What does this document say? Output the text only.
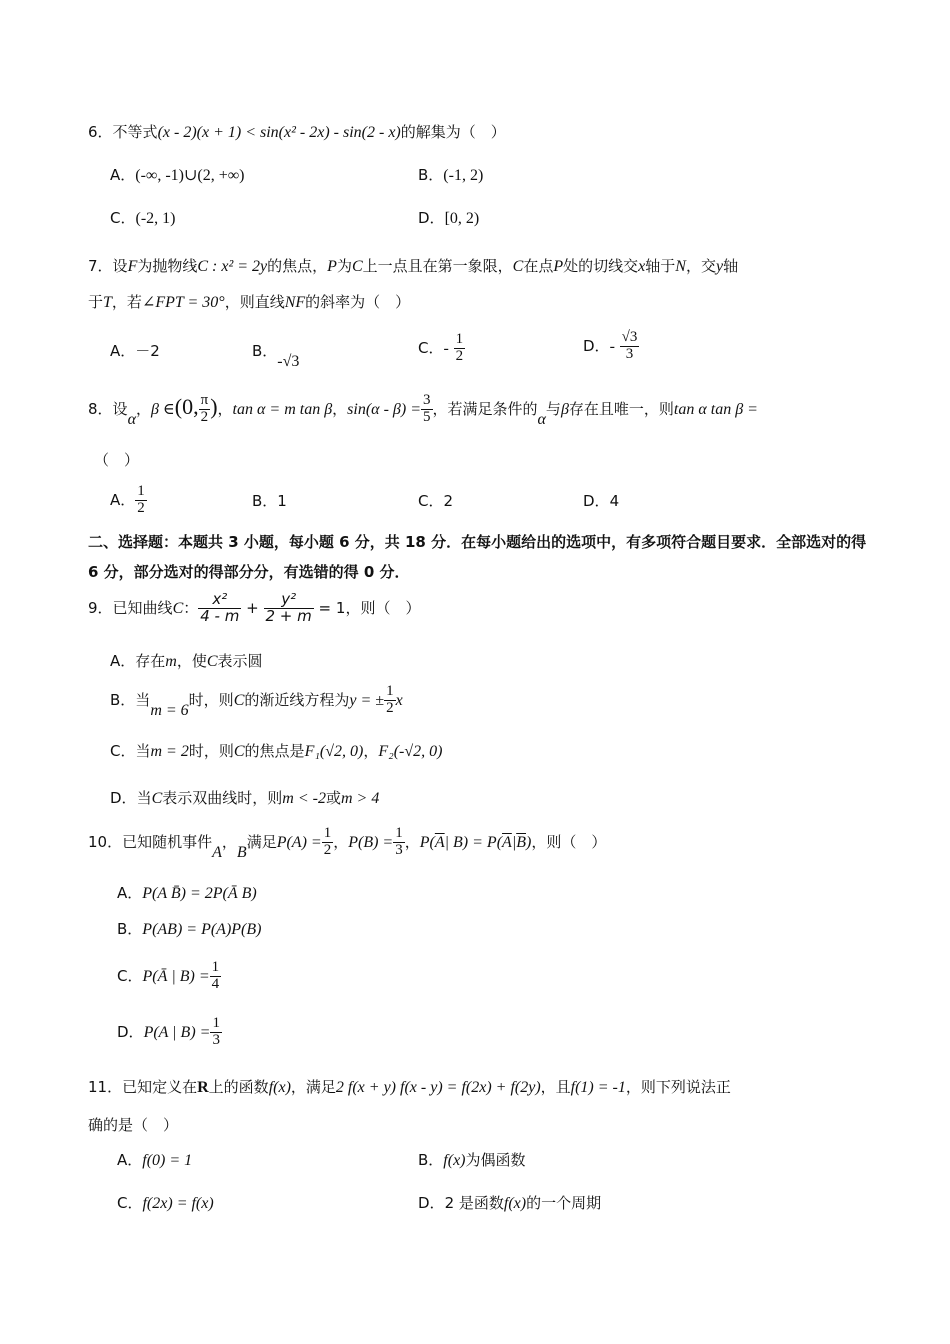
6．不等式(x - 2)(x + 1) < sin(x² - 2x) - sin(2 - x)的解集为（　）
A．(-∞, -1)∪(2, +∞)	B．(-1, 2)
C．(-2, 1)	D．[0, 2)
7．设F为抛物线C : x² = 2y的焦点，P为C上一点且在第一象限，C在点P处的切线交x轴于N，交y轴
于T，若∠FPT = 30°，则直线NF的斜率为（　）
A．－2	B．-√3
C．- $\frac{1}{2}$	D．- $\frac{√3}{3}$
8．设α，β ∈(0, $\frac{\pi}{2}$ )，tan α = m tan β，$\sin(\alpha - \beta) = \frac{3}{5}$ ，若满足条件的α与β存在且唯一，则tan α tan β =
（　）
A． $\frac{1}{2}$	B．1	C．2	D．4
二、选择题：本题共 3 小题，每小题 6 分，共 18 分．在每小题给出的选项中，有多项符合题目要求．全部选对的得 6 分，部分选对的得部分分，有选错的得 0 分．
9．已知曲线C： $\frac{\text{x²}}{4 - m} + \frac{\text{y²}}{2 + m} = 1$，则（　）
A．存在m，使C表示圆
B．当m = 6时，则C的渐近线方程为y = ± $\frac{1}{2}$ x
C．当m = 2时，则C的焦点是F₁(√2, 0)，F₂(-√2, 0)
D．当C表示双曲线时，则m < -2或m > 4
10．已知随机事件A，B满足$P(A) = \frac{1}{2}$ ，$P(B) = \frac{1}{3}$ ，$P(\overline{A}|$ $B) = P(\overline{A}|\overline{B})$，则（　）
A．P(A B̄) = 2P(Ā B)
B．P(AB) = P(A)P(B)
C．P(Ā | $B) = \frac{1}{4}$
D．P(A | $B) = \frac{1}{3}$
11．已知定义在R上的函数f(x)，满足2 f(x + y) f(x - y) = f(2x) + f(2y)，且f(1) = -1，则下列说法正
确的是（　）
A．f(0) = 1	B．f(x)为偶函数
C．f(2x) = f(x)	D．2 是函数f(x)的一个周期
